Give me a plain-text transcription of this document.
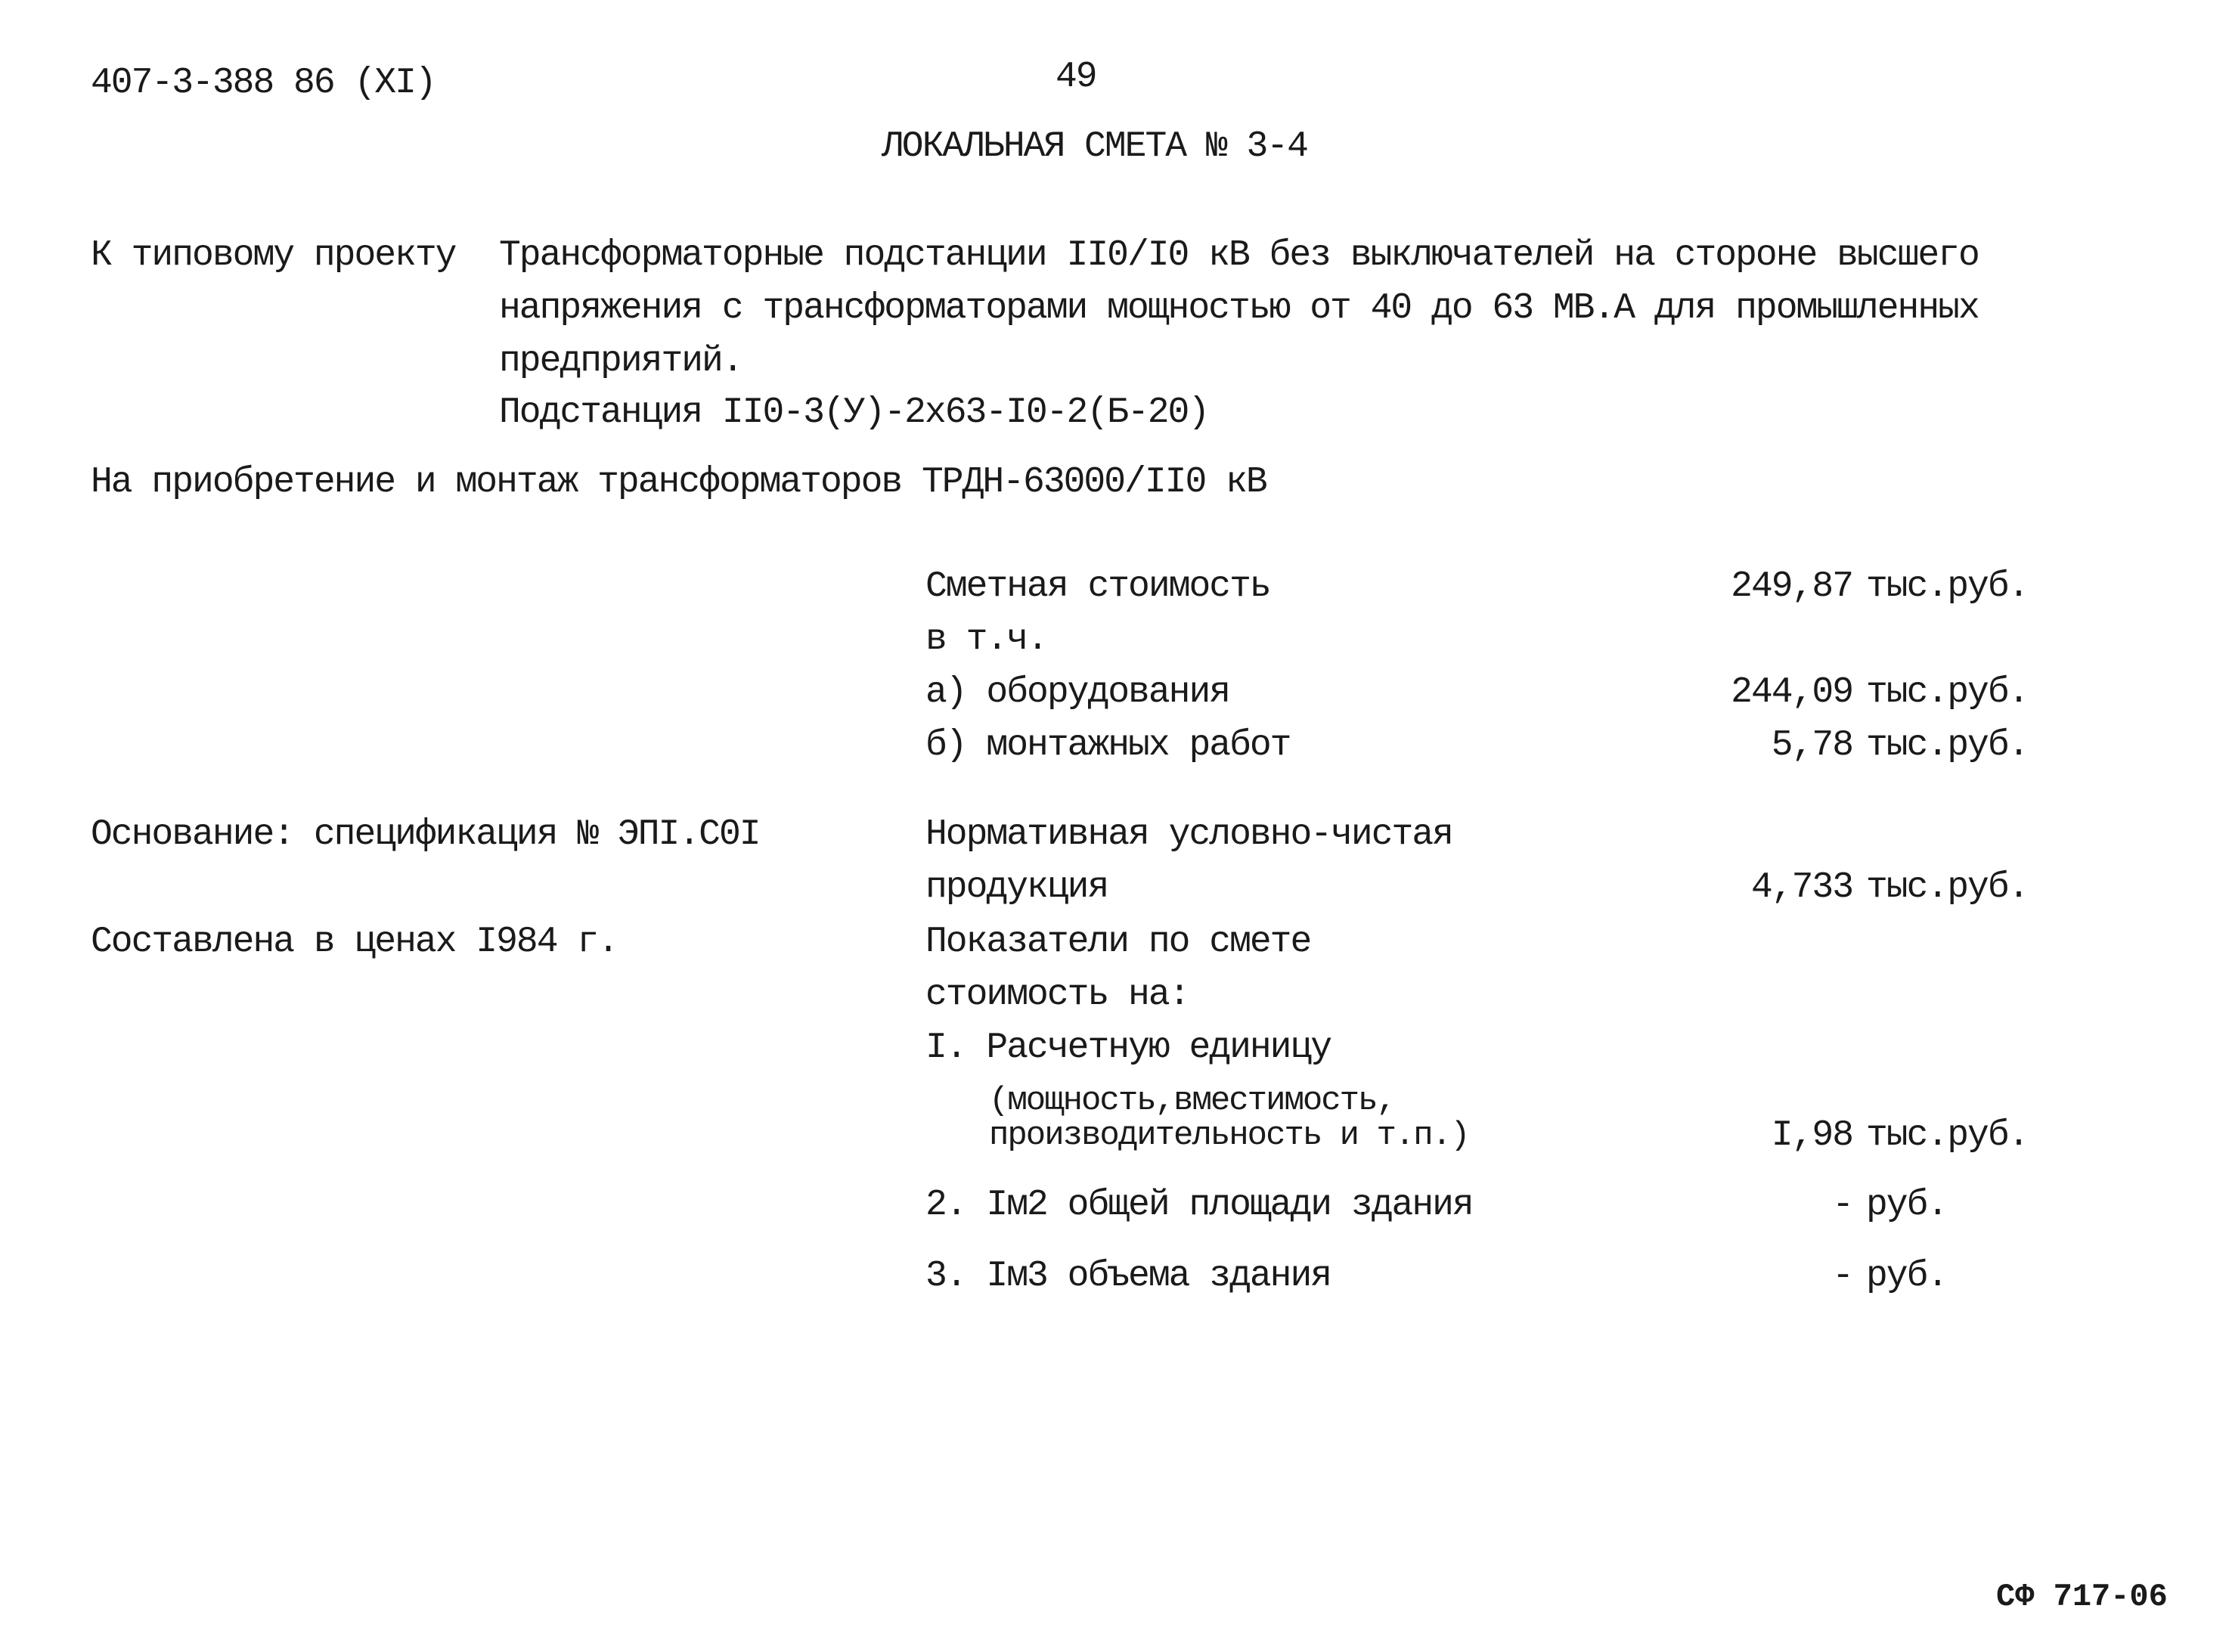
407-3-388 86 (XI)	49
ЛОКАЛЬНАЯ СМЕТА № 3-4
К типовому проекту Трансформаторные подстанции II0/I0 кВ без выключателей на стороне высшего
напряжения с трансформаторами мощностью от 40 до 63 МВ.А для промышленных
предприятий.
Подстанция II0-3(У)-2х63-I0-2(Б-20)
На приобретение и монтаж трансформаторов ТРДН-63000/II0 кВ
Сметная стоимость	249,87 тыс.руб.
в т.ч.
а) оборудования	244,09 тыс.руб.
б) монтажных работ	5,78 тыс.руб.
Основание: спецификация № ЭПI.C0I
Составлена в ценах I984 г.
Нормативная условно-чистая
продукция	4,733 тыс.руб.
Показатели по смете
стоимость на:
I. Расчетную единицу
(мощность,вместимость,
производительность и т.п.)	I,98 тыс.руб.
2. Iм2 общей площади здания	- руб.
3. Iм3 объема здания	- руб.
СФ 717-06
